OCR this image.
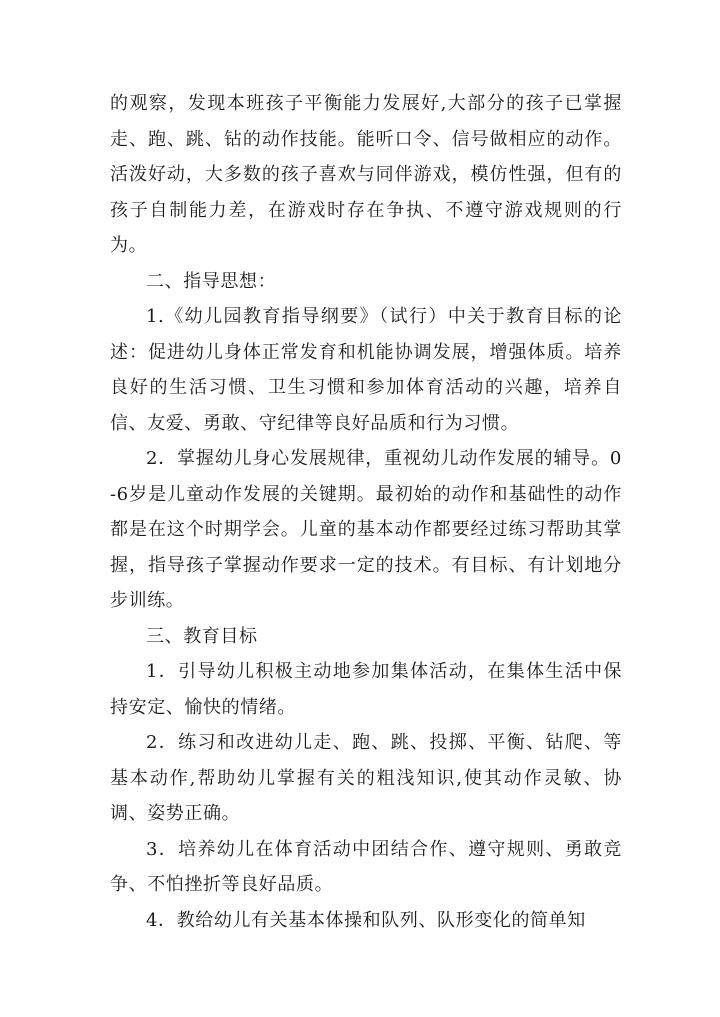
的观察，发现本班孩子平衡能力发展好,大部分的孩子已掌握走、跑、跳、钻的动作技能。能听口令、信号做相应的动作。活泼好动，大多数的孩子喜欢与同伴游戏，模仿性强，但有的孩子自制能力差，在游戏时存在争执、不遵守游戏规则的行为。

二、指导思想：

1.《幼儿园教育指导纲要》（试行）中关于教育目标的论述：促进幼儿身体正常发育和机能协调发展，增强体质。培养良好的生活习惯、卫生习惯和参加体育活动的兴趣，培养自信、友爱、勇敢、守纪律等良好品质和行为习惯。

2．掌握幼儿身心发展规律，重视幼儿动作发展的辅导。0-6岁是儿童动作发展的关键期。最初始的动作和基础性的动作都是在这个时期学会。儿童的基本动作都要经过练习帮助其掌握，指导孩子掌握动作要求一定的技术。有目标、有计划地分步训练。

三、教育目标

1．引导幼儿积极主动地参加集体活动，在集体生活中保持安定、愉快的情绪。

2．练习和改进幼儿走、跑、跳、投掷、平衡、钻爬、等基本动作,帮助幼儿掌握有关的粗浅知识,使其动作灵敏、协调、姿势正确。

3．培养幼儿在体育活动中团结合作、遵守规则、勇敢竞争、不怕挫折等良好品质。

4．教给幼儿有关基本体操和队列、队形变化的简单知
